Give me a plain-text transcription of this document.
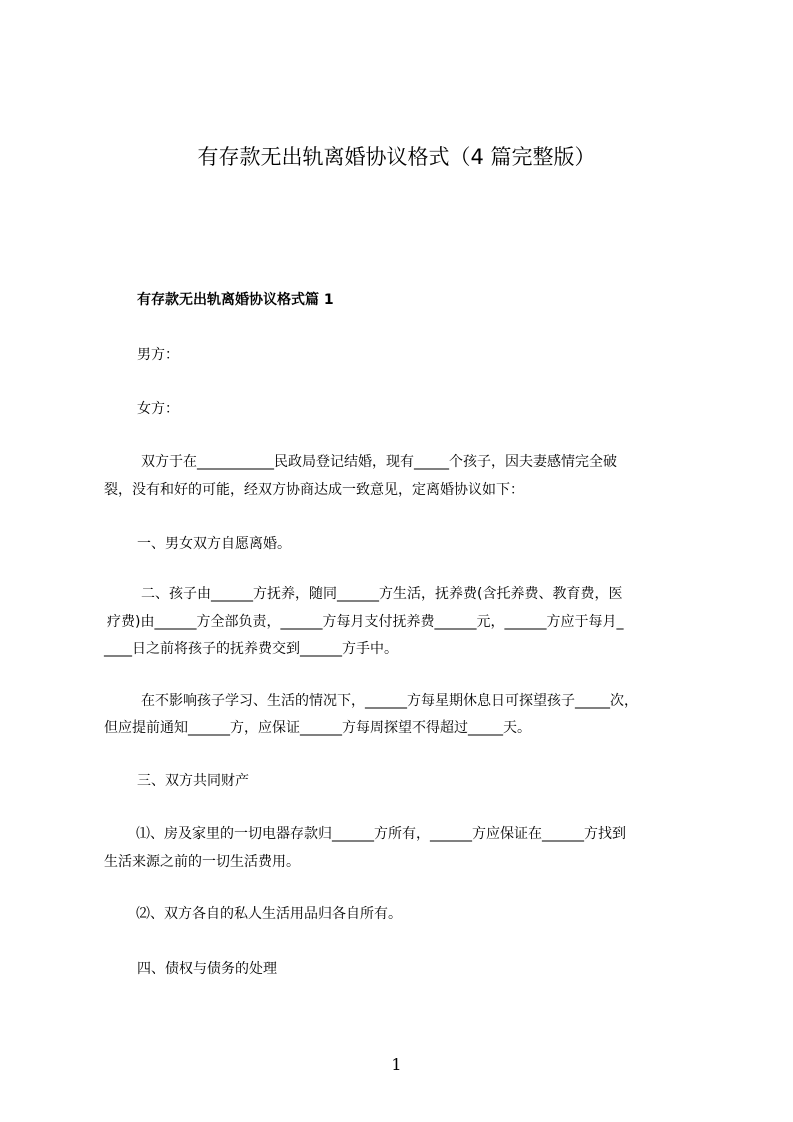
有存款无出轨离婚协议格式（4 篇完整版）
有存款无出轨离婚协议格式篇 1
男方：
女方：
双方于在___________民政局登记结婚，现有_____个孩子，因夫妻感情完全破
裂，没有和好的可能，经双方协商达成一致意见，定离婚协议如下：
一、男女双方自愿离婚。
二、孩子由______方抚养，随同______方生活，抚养费(含托养费、教育费，医
疗费)由______方全部负责，______方每月支付抚养费______元，______方应于每月_
____日之前将孩子的抚养费交到______方手中。
在不影响孩子学习、生活的情况下，______方每星期休息日可探望孩子_____次，
但应提前通知______方，应保证______方每周探望不得超过_____天。
三、双方共同财产
⑴、房及家里的一切电器存款归______方所有，______方应保证在______方找到
生活来源之前的一切生活费用。
⑵、双方各自的私人生活用品归各自所有。
四、债权与债务的处理
1
